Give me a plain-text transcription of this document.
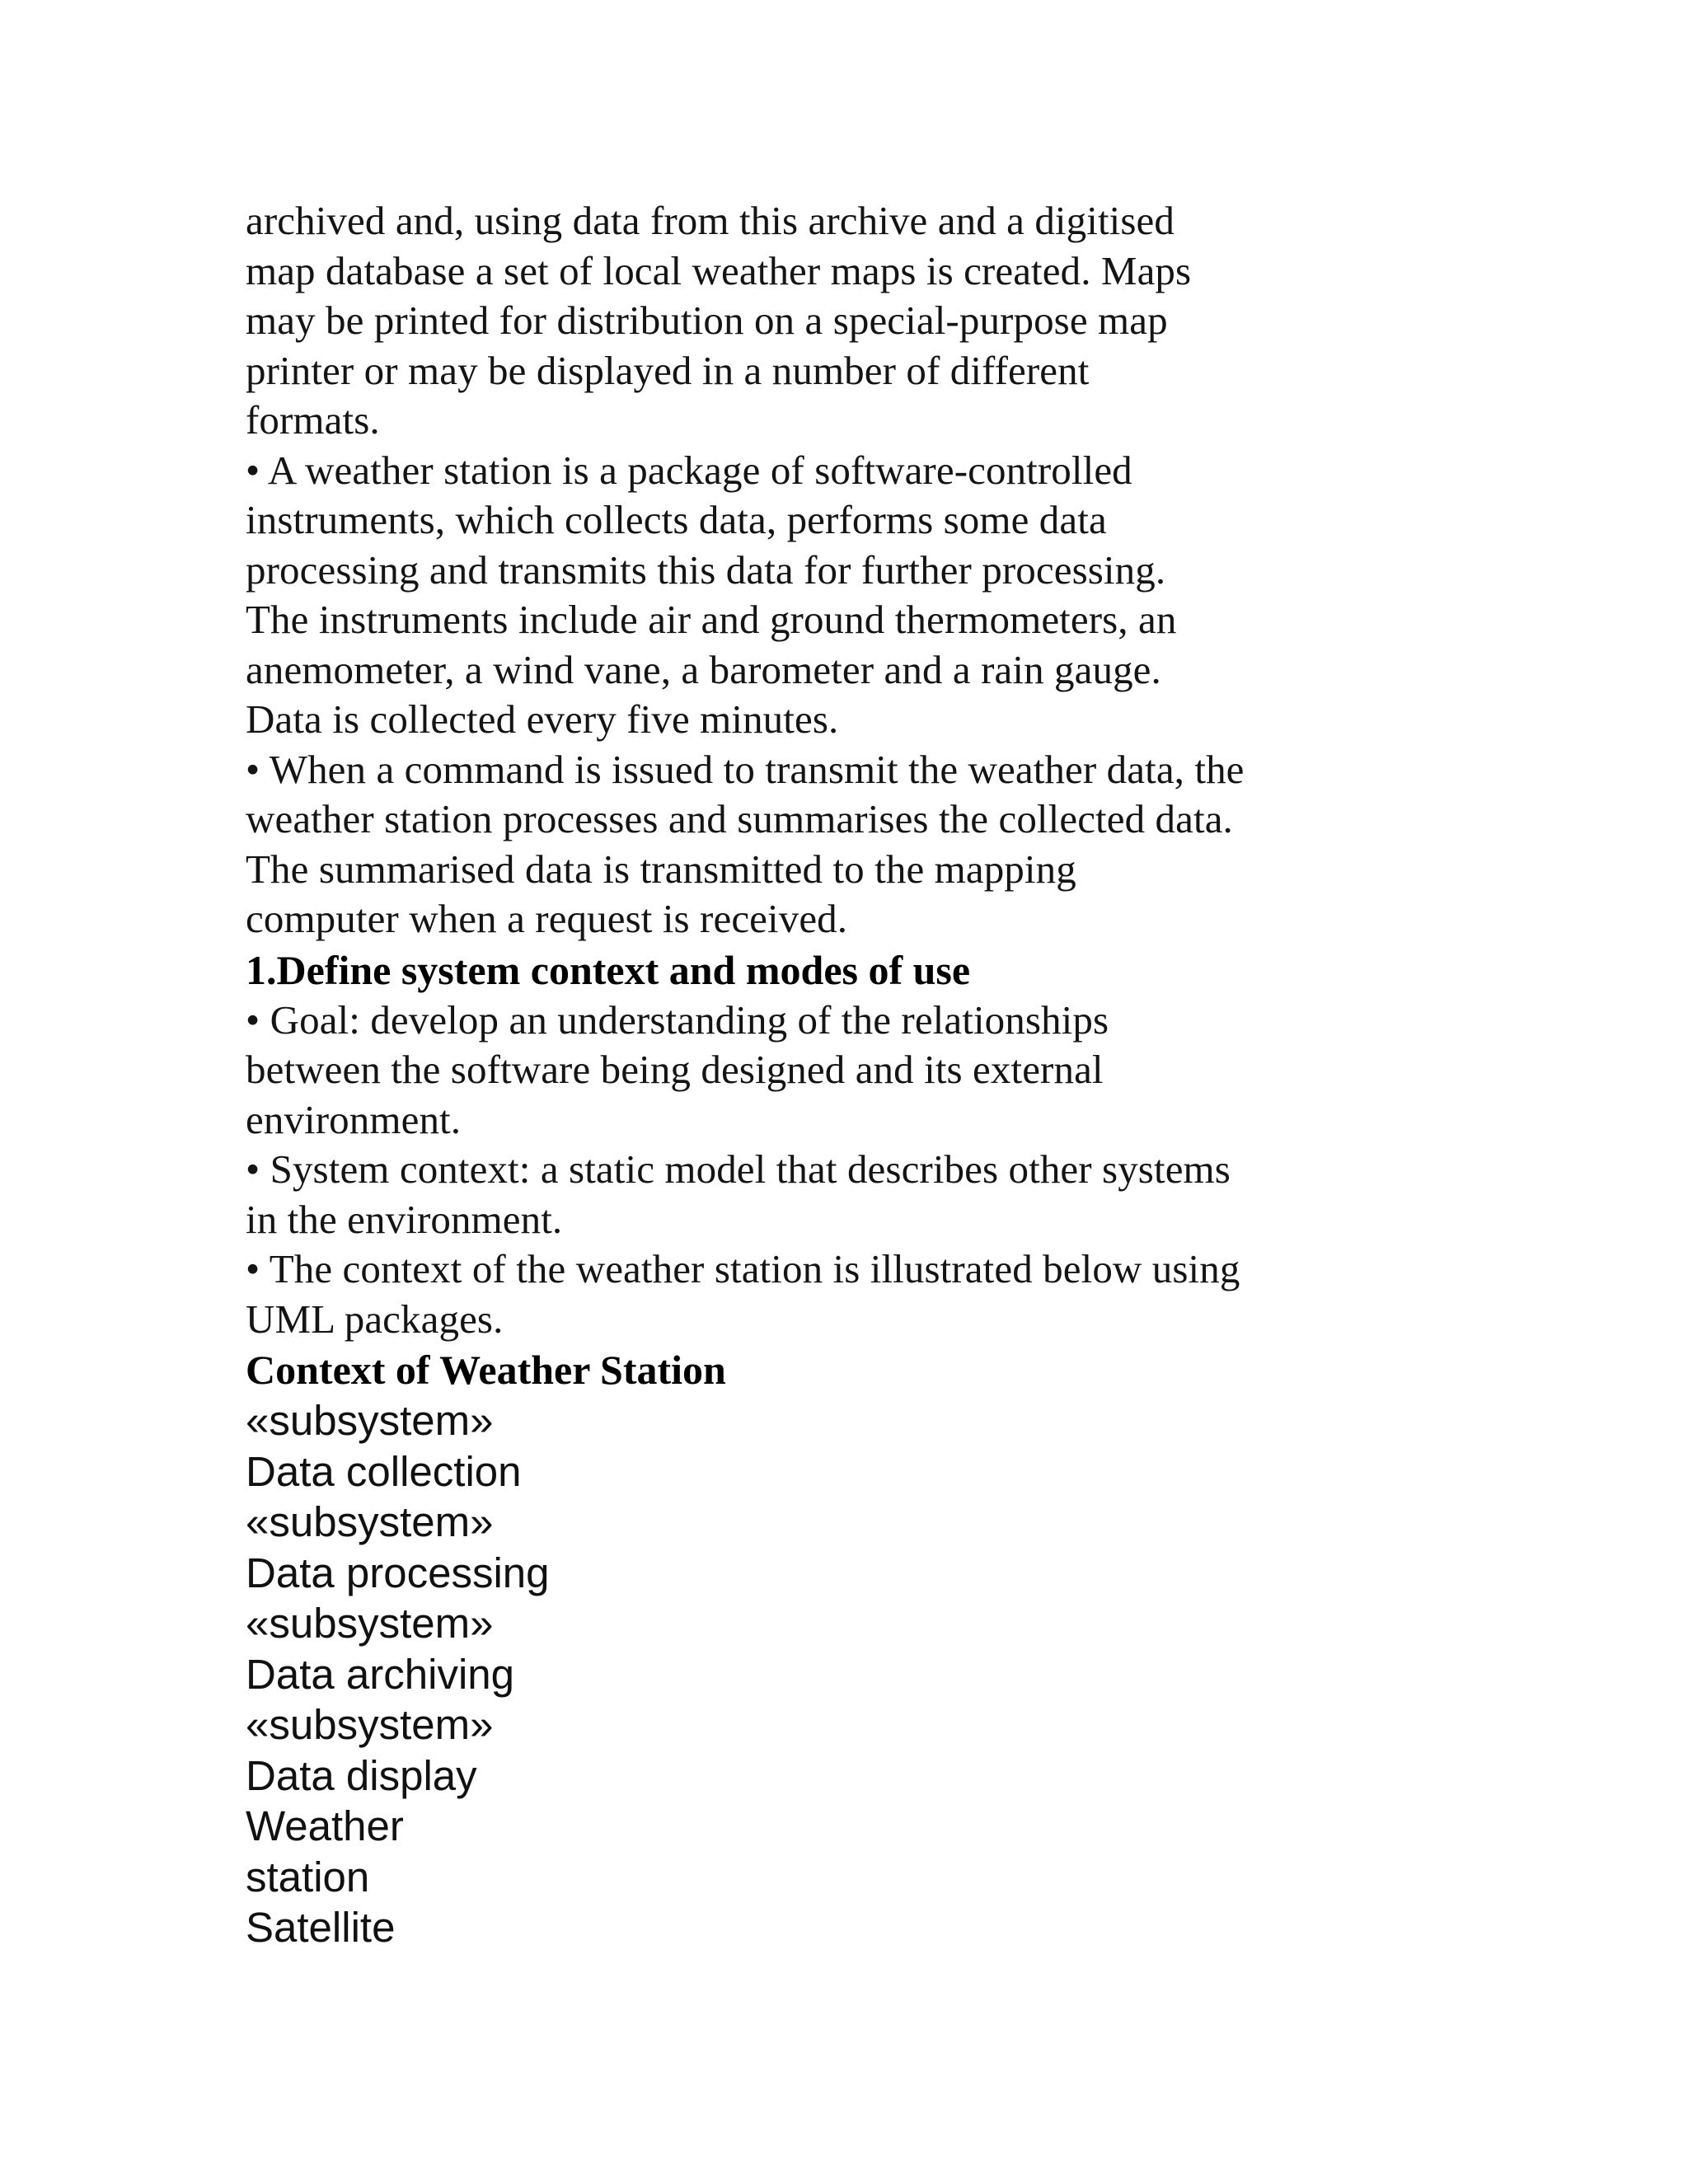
archived and, using data from this archive and a digitised
map database a set of local weather maps is created. Maps
may be printed for distribution on a special-purpose map
printer or may be displayed in a number of different
formats.
• A weather station is a package of software-controlled
instruments, which collects data, performs some data
processing and transmits this data for further processing.
The instruments include air and ground thermometers, an
anemometer, a wind vane, a barometer and a rain gauge.
Data is collected every five minutes.
• When a command is issued to transmit the weather data, the
weather station processes and summarises the collected data.
The summarised data is transmitted to the mapping
computer when a request is received.
1.Define system context and modes of use
• Goal: develop an understanding of the relationships
between the software being designed and its external
environment.
• System context: a static model that describes other systems
in the environment.
• The context of the weather station is illustrated below using
UML packages.
Context of Weather Station
«subsystem»
Data collection
«subsystem»
Data processing
«subsystem»
Data archiving
«subsystem»
Data display
Weather
station
Satellite
